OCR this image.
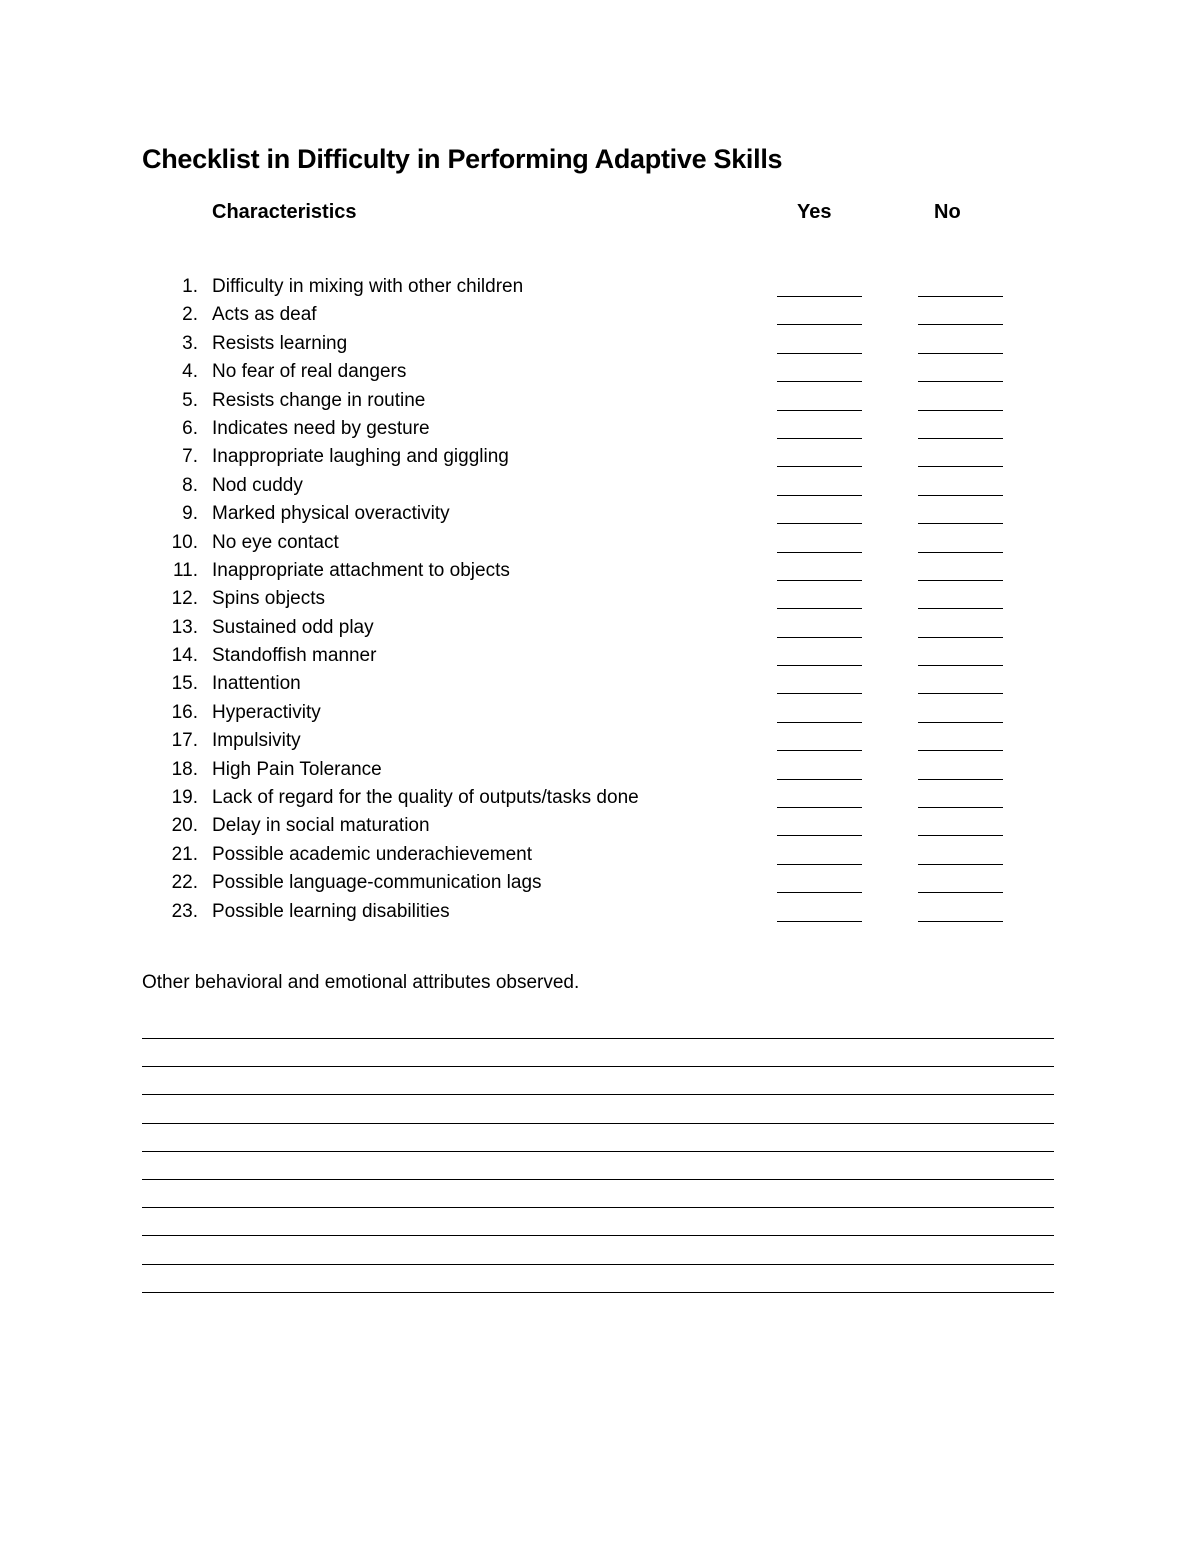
Checklist in Difficulty in Performing Adaptive Skills
Characteristics	Yes	No
1. Difficulty in mixing with other children
2. Acts as deaf
3. Resists learning
4. No fear of real dangers
5. Resists change in routine
6. Indicates need by gesture
7. Inappropriate laughing and giggling
8. Nod cuddy
9. Marked physical overactivity
10. No eye contact
11. Inappropriate attachment to objects
12. Spins objects
13. Sustained odd play
14. Standoffish manner
15. Inattention
16. Hyperactivity
17. Impulsivity
18. High Pain Tolerance
19. Lack of regard for the quality of outputs/tasks done
20. Delay in social maturation
21. Possible academic underachievement
22. Possible language-communication lags
23. Possible learning disabilities
Other behavioral and emotional attributes observed.
